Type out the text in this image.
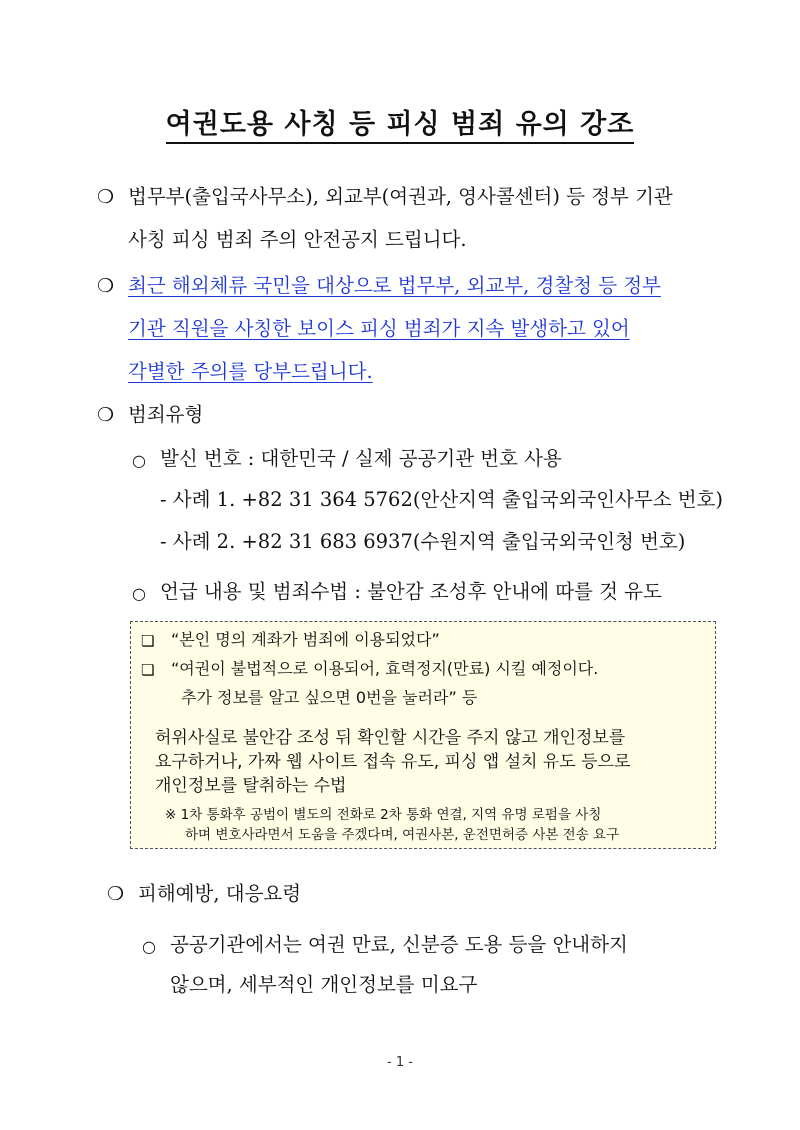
여권도용 사칭 등 피싱 범죄 유의 강조
❍ 법무부(출입국사무소), 외교부(여권과, 영사콜센터) 등 정부 기관
사칭 피싱 범죄 주의 안전공지 드립니다.
❍ 최근 해외체류 국민을 대상으로 법무부, 외교부, 경찰청 등 정부
기관 직원을 사칭한 보이스 피싱 범죄가 지속 발생하고 있어
각별한 주의를 당부드립니다.
❍ 범죄유형
○ 발신 번호 : 대한민국 / 실제 공공기관 번호 사용
- 사례 1. +82 31 364 5762(안산지역 출입국외국인사무소 번호)
- 사례 2. +82 31 683 6937(수원지역 출입국외국인청 번호)
○ 언급 내용 및 범죄수법 : 불안감 조성후 안내에 따를 것 유도
❏ “본인 명의 계좌가 범죄에 이용되었다”
❏ “여권이 불법적으로 이용되어, 효력정지(만료) 시킬 예정이다.
추가 정보를 알고 싶으면 0번을 눌러라” 등
허위사실로 불안감 조성 뒤 확인할 시간을 주지 않고 개인정보를
요구하거나, 가짜 웹 사이트 접속 유도, 피싱 앱 설치 유도 등으로
개인정보를 탈취하는 수법
※ 1차 통화후 공범이 별도의 전화로 2차 통화 연결, 지역 유명 로펌을 사칭
하며 변호사라면서 도움을 주겠다며, 여권사본, 운전면허증 사본 전송 요구
❍ 피해예방, 대응요령
○ 공공기관에서는 여권 만료, 신분증 도용 등을 안내하지
않으며, 세부적인 개인정보를 미요구
- 1 -
